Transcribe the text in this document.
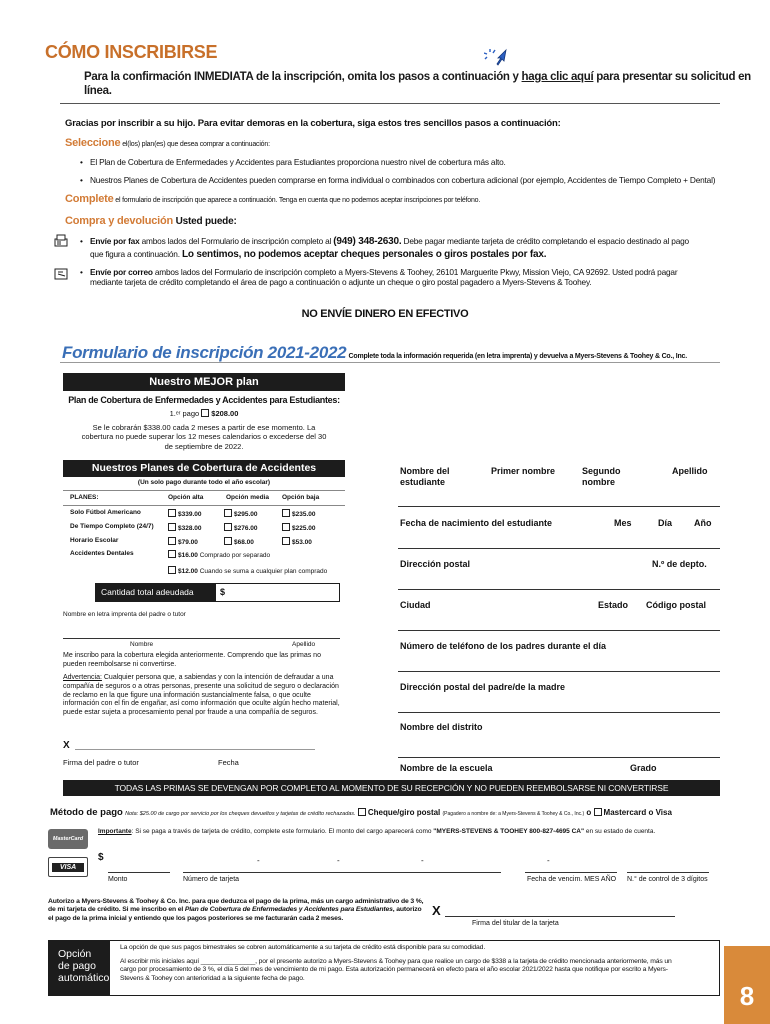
CÓMO INSCRIBIRSE
Para la confirmación INMEDIATA de la inscripción, omita los pasos a continuación y haga clic aquí para presentar su solicitud en línea.
Gracias por inscribir a su hijo. Para evitar demoras en la cobertura, siga estos tres sencillos pasos a continuación:
Seleccione el(los) plan(es) que desea comprar a continuación:
• El Plan de Cobertura de Enfermedades y Accidentes para Estudiantes proporciona nuestro nivel de cobertura más alto.
• Nuestros Planes de Cobertura de Accidentes pueden comprarse en forma individual o combinados con cobertura adicional (por ejemplo, Accidentes de Tiempo Completo + Dental)
Complete el formulario de inscripción que aparece a continuación. Tenga en cuenta que no podemos aceptar inscripciones por teléfono.
Compra y devolución Usted puede:
• Envíe por fax ambos lados del Formulario de inscripción completo al (949) 348-2630. Debe pagar mediante tarjeta de crédito completando el espacio destinado al pago que figura a continuación. Lo sentimos, no podemos aceptar cheques personales o giros postales por fax.
• Envíe por correo ambos lados del Formulario de inscripción completo a Myers-Stevens & Toohey, 26101 Marguerite Pkwy, Mission Viejo, CA 92692. Usted podrá pagar mediante tarjeta de crédito completando el área de pago a continuación o adjunte un cheque o giro postal pagadero a Myers-Stevens & Toohey.
NO ENVÍE DINERO EN EFECTIVO
Formulario de inscripción 2021-2022 Complete toda la información requerida (en letra imprenta) y devuelva a Myers-Stevens & Toohey & Co., Inc.
Nuestro MEJOR plan
Plan de Cobertura de Enfermedades y Accidentes para Estudiantes:
1.ᵉʳ pago $208.00
Se le cobrarán $338.00 cada 2 meses a partir de ese momento. La cobertura no puede superar los 12 meses calendarios o excederse del 30 de septiembre de 2022.
Nuestros Planes de Cobertura de Accidentes
(Un solo pago durante todo el año escolar)
PLANES:	Opción alta	Opción media Opción baja
Solo Fútbol Americano	$339.00	$295.00	$235.00
De Tiempo Completo (24/7)	$328.00	$276.00	$225.00
Horario Escolar	$79.00	$68.00	$53.00
Accidentes Dentales	$16.00 Comprado por separado
$12.00 Cuando se suma a cualquier plan comprado
Cantidad total adeudada	$
Nombre en letra imprenta del padre o tutor
Nombre	Apellido
Me inscribo para la cobertura elegida anteriormente. Comprendo que las primas no pueden reembolsarse ni convertirse.
Advertencia: Cualquier persona que, a sabiendas y con la intención de defraudar a una compañía de seguros o a otras personas, presente una solicitud de seguro o declaración de reclamo en la que figure una información sustancialmente falsa, o que oculte información con el fin de engañar, así como información que oculte algún hecho material, puede estar sujeta a procesamiento penal por fraude a una compañía de seguros.
X
Firma del padre o tutor	Fecha
Nombre del estudiante
Primer nombre	Segundo nombre
Apellido
Fecha de nacimiento del estudiante	Mes	Día Año
Dirección postal	N.º de depto.
Ciudad	Estado Código postal
Número de teléfono de los padres durante el día
Dirección postal del padre/de la madre
Nombre del distrito
Nombre de la escuela	Grado
TODAS LAS PRIMAS SE DEVENGAN POR COMPLETO AL MOMENTO DE SU RECEPCIÓN Y NO PUEDEN REEMBOLSARSE NI CONVERTIRSE
Método de pago Nota: $25.00 de cargo por servicio por los cheques devueltos y tarjetas de crédito rechazadas. Cheque/giro postal (Pagadero a nombre de: a Myers-Stevens & Toohey & Co., Inc.) o Mastercard o Visa
MasterCard
VISA
Importante: Si se paga a través de tarjeta de crédito, complete este formulario. El monto del cargo aparecerá como "MYERS-STEVENS & TOOHEY 800-827-4695 CA" en su estado de cuenta.
$	-	-	-	-
Monto	Número de tarjeta	Fecha de vencim. MES AÑO N.° de control de 3 dígitos
Autorizo a Myers-Stevens & Toohey & Co. Inc. para que deduzca el pago de la prima, más un cargo administrativo de 3 %, de mi tarjeta de crédito. Si me inscribo en el Plan de Cobertura de Enfermedades y Accidentes para Estudiantes, autorizo el pago de la prima inicial y entiendo que los pagos posteriores se me facturarán cada 2 meses.
X
Firma del titular de la tarjeta
Opción de pago automático
La opción de que sus pagos bimestrales se cobren automáticamente a su tarjeta de crédito está disponible para su comodidad.
Al escribir mis iniciales aquí _______________, por el presente autorizo a Myers-Stevens & Toohey para que realice un cargo de $338 a la tarjeta de crédito mencionada anteriormente, más un cargo por procesamiento de 3 %, el día 5 del mes de vencimiento de mi pago. Esta autorización permanecerá en efecto para el año escolar 2021/2022 hasta que notifique por escrito a Myers-Stevens & Toohey con anterioridad a la siguiente fecha de pago.
8
